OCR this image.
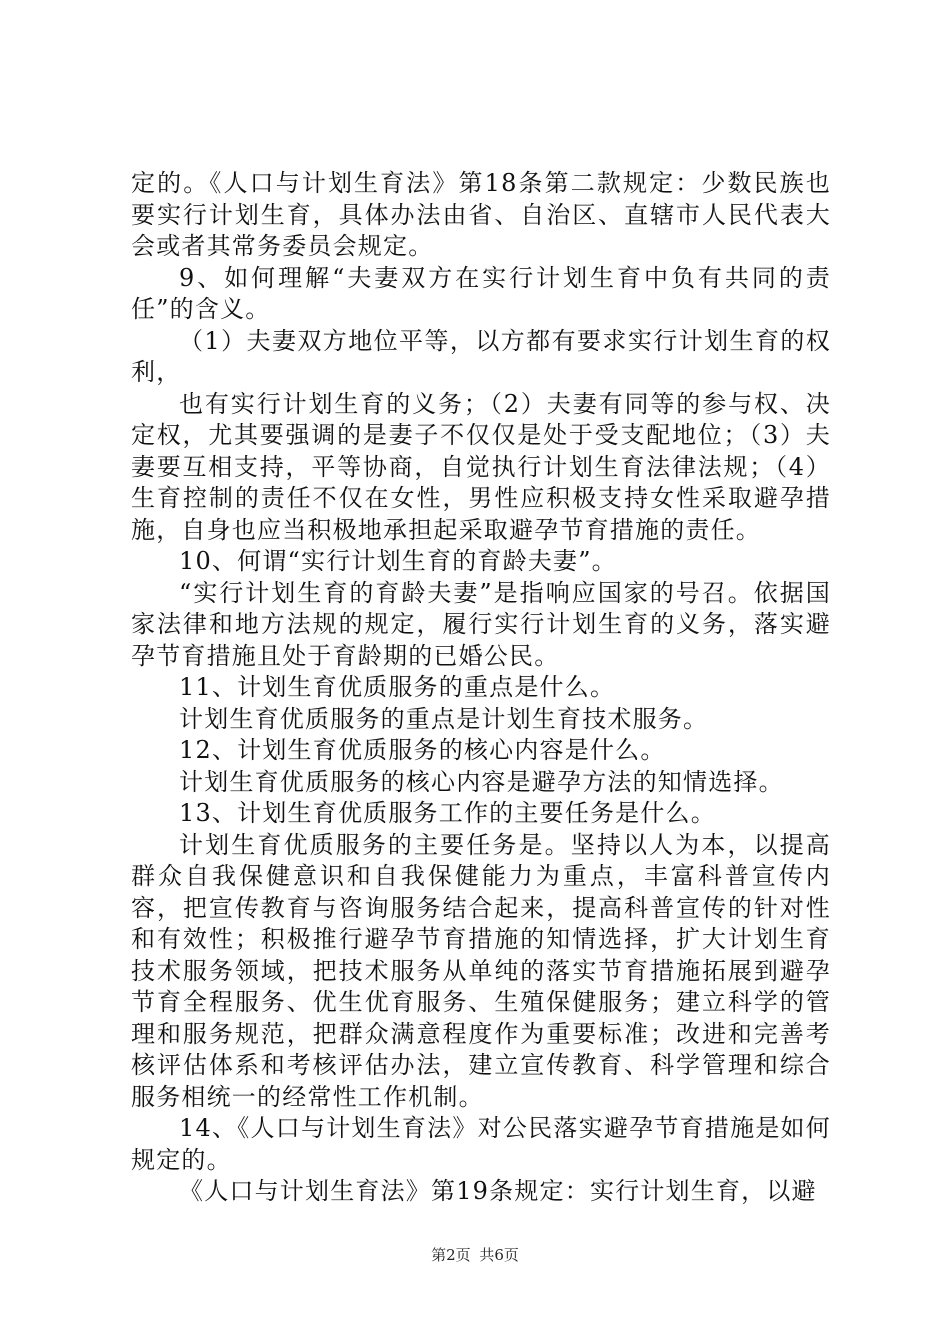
定的。《人口与计划生育法》第18条第二款规定：少数民族也要实行计划生育，具体办法由省、自治区、直辖市人民代表大会或者其常务委员会规定。

9、如何理解“夫妻双方在实行计划生育中负有共同的责任”的含义。

（1）夫妻双方地位平等，以方都有要求实行计划生育的权利，

也有实行计划生育的义务；（2）夫妻有同等的参与权、决定权，尤其要强调的是妻子不仅仅是处于受支配地位；（3）夫妻要互相支持，平等协商，自觉执行计划生育法律法规；（4）生育控制的责任不仅在女性，男性应积极支持女性采取避孕措施，自身也应当积极地承担起采取避孕节育措施的责任。

10、何谓“实行计划生育的育龄夫妻”。

“实行计划生育的育龄夫妻”是指响应国家的号召。依据国家法律和地方法规的规定，履行实行计划生育的义务，落实避孕节育措施且处于育龄期的已婚公民。

11、计划生育优质服务的重点是什么。

计划生育优质服务的重点是计划生育技术服务。

12、计划生育优质服务的核心内容是什么。

计划生育优质服务的核心内容是避孕方法的知情选择。

13、计划生育优质服务工作的主要任务是什么。

计划生育优质服务的主要任务是。坚持以人为本，以提高群众自我保健意识和自我保健能力为重点，丰富科普宣传内容，把宣传教育与咨询服务结合起来，提高科普宣传的针对性和有效性；积极推行避孕节育措施的知情选择，扩大计划生育技术服务领域，把技术服务从单纯的落实节育措施拓展到避孕节育全程服务、优生优育服务、生殖保健服务；建立科学的管理和服务规范，把群众满意程度作为重要标准；改进和完善考核评估体系和考核评估办法，建立宣传教育、科学管理和综合服务相统一的经常性工作机制。

14、《人口与计划生育法》对公民落实避孕节育措施是如何规定的。

《人口与计划生育法》第19条规定：实行计划生育，以避

第2页 共6页
